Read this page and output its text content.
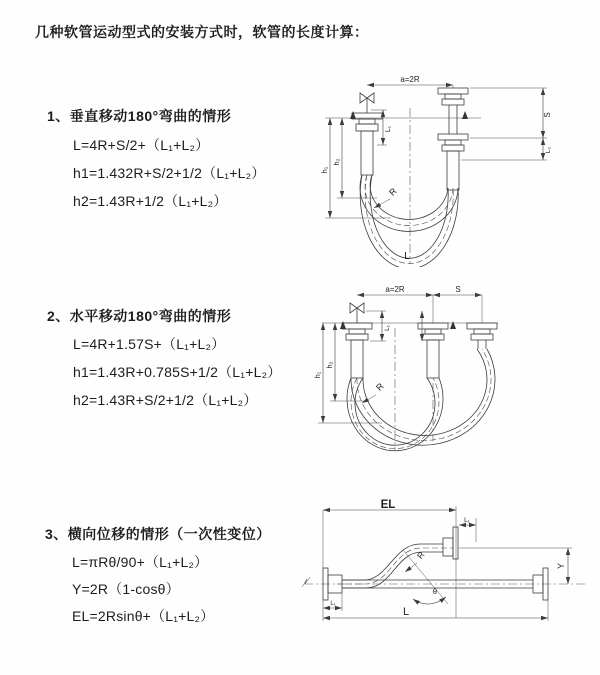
几种软管运动型式的安装方式时，软管的长度计算：
1、垂直移动180°弯曲的情形
L=4R+S/2+（L₁+L₂）
h1=1.432R+S/2+1/2（L₁+L₂）
h2=1.43R+1/2（L₁+L₂）
2、水平移动180°弯曲的情形
L=4R+1.57S+（L₁+L₂）
h1=1.43R+0.785S+1/2（L₁+L₂）
h2=1.43R+S/2+1/2（L₁+L₂）
3、横向位移的情形（一次性变位）
L=πRθ/90+（L₁+L₂）
Y=2R（1-cosθ）
EL=2Rsinθ+（L₁+L₂）
a=2R
R
h₁
h₂
L₁
S
L₂
L
a=2R	S
h₁
h₂
L₁
R
EL
L₁
Y
θ
R
L₁
L
